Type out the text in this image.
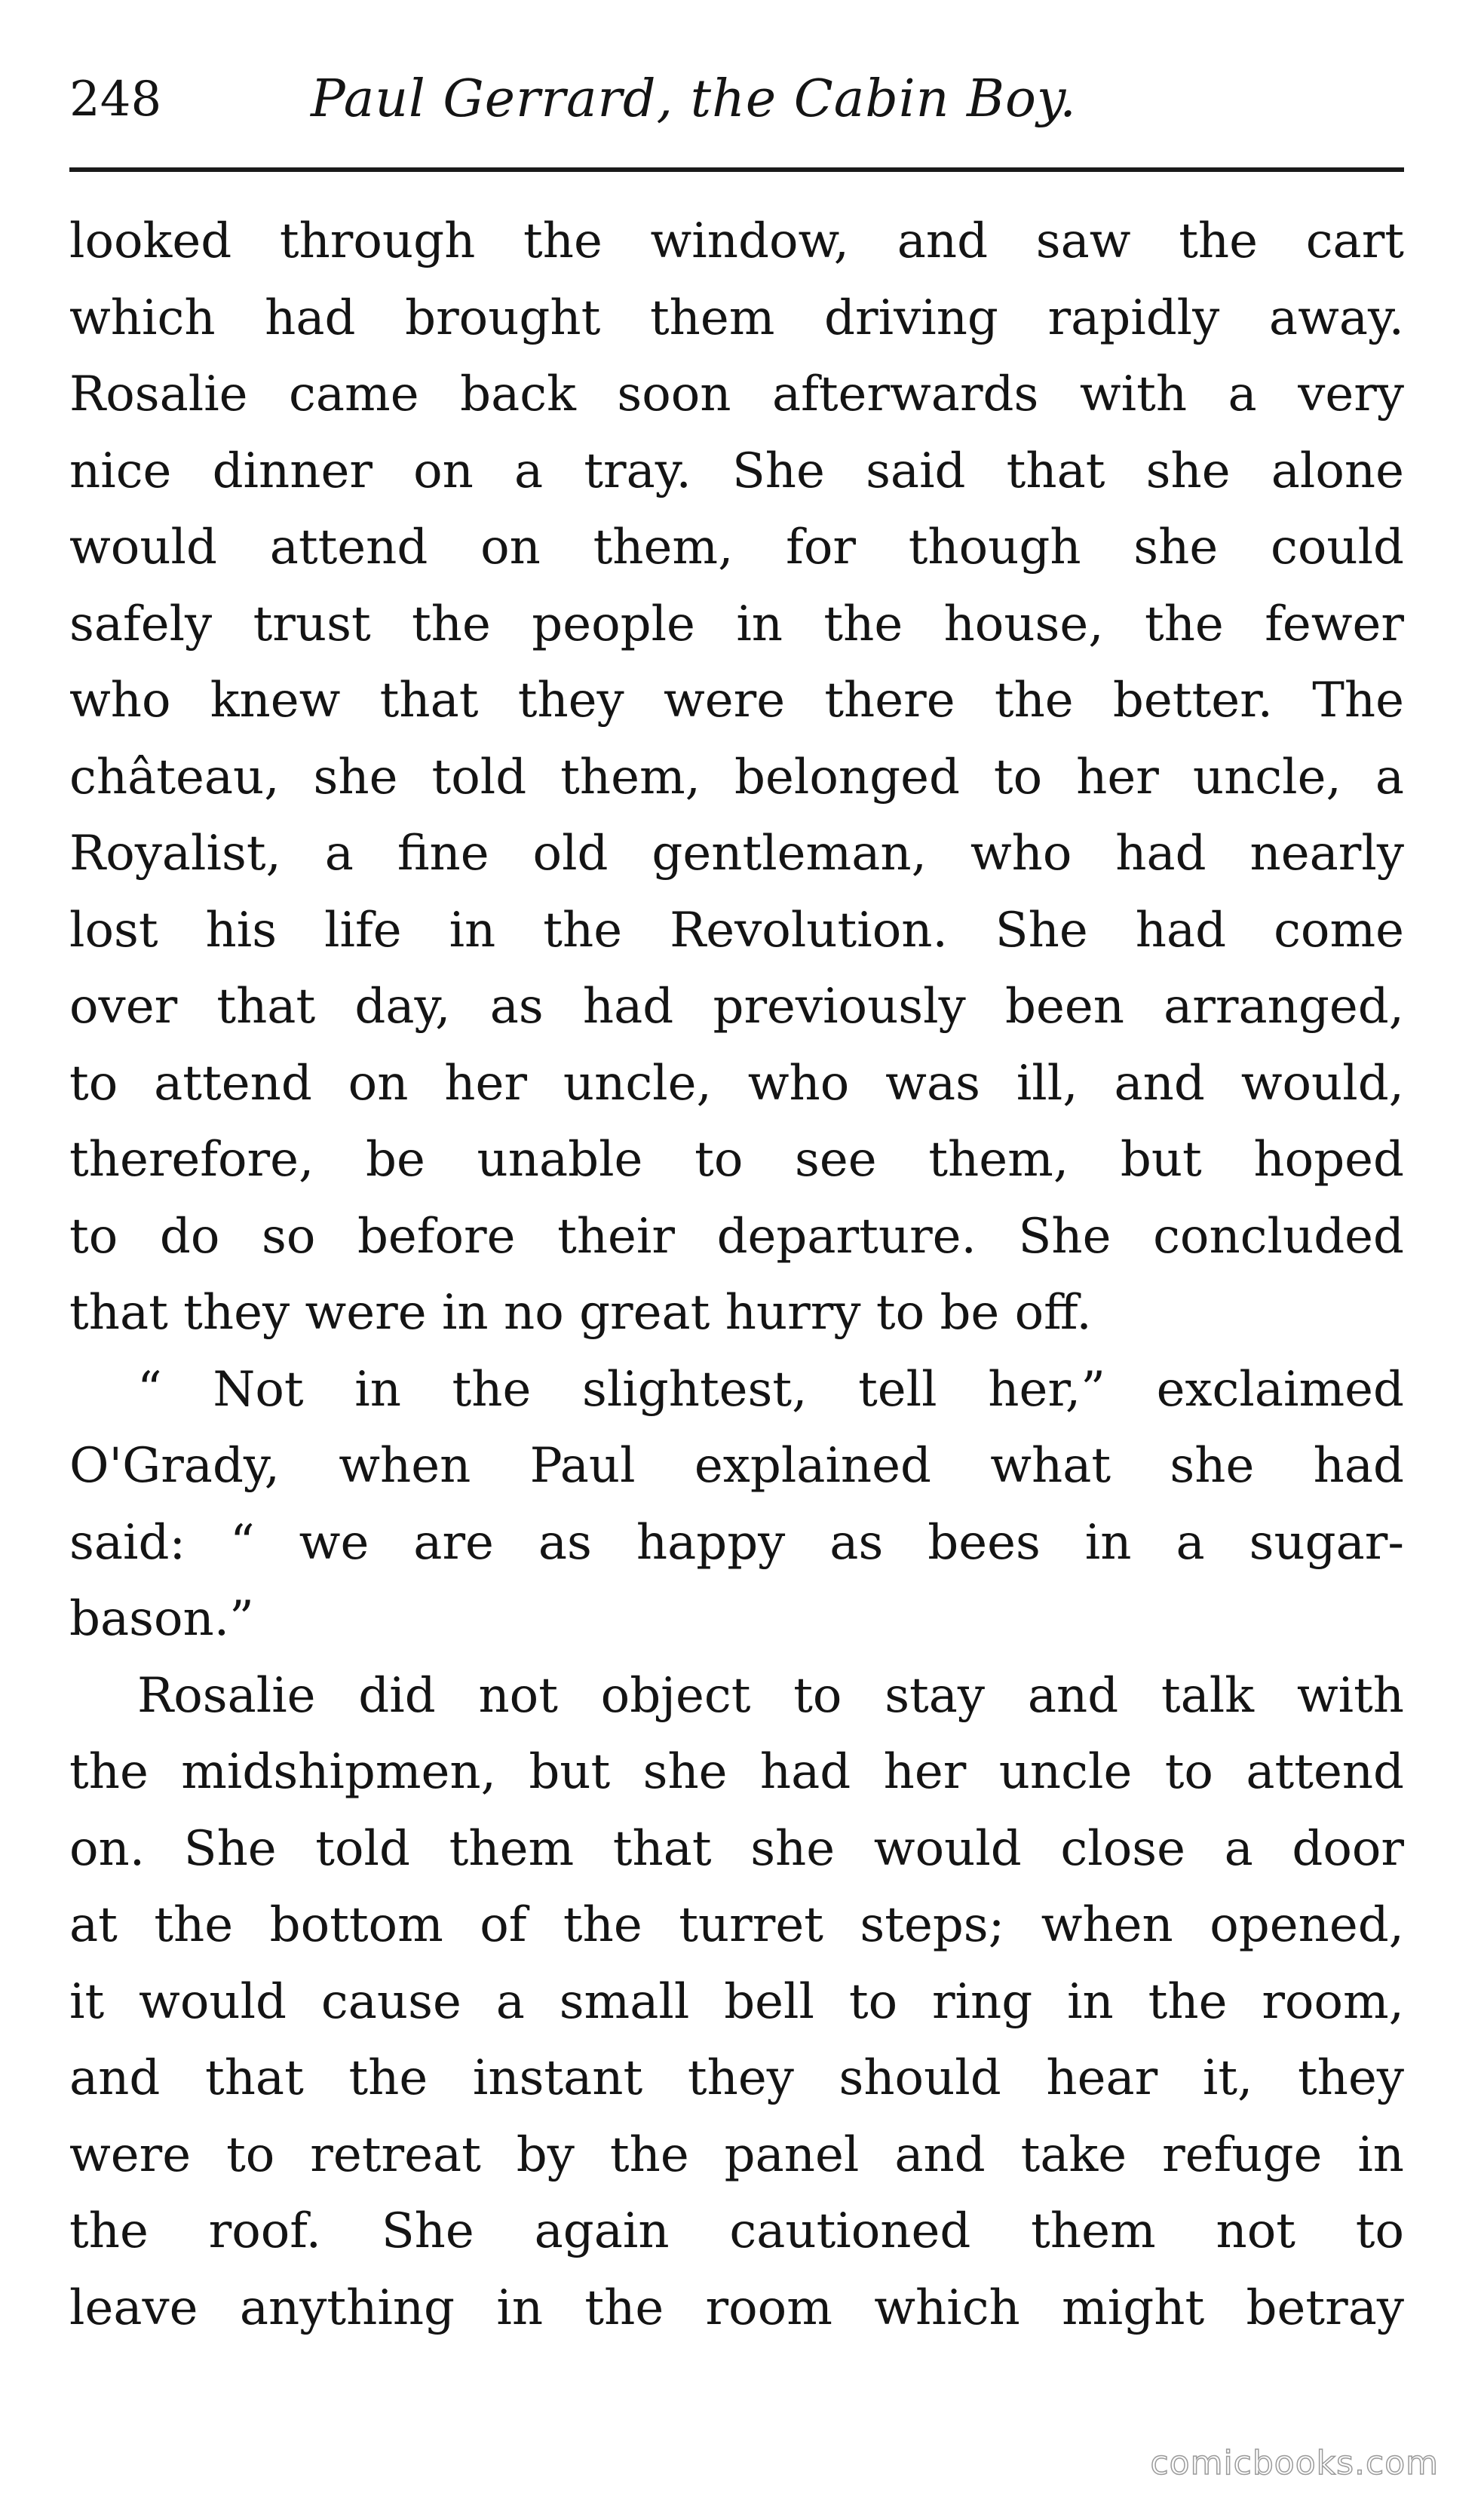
248	Paul Gerrard, the Cabin Boy.
looked through the window, and saw the cart
which had brought them driving rapidly away.
Rosalie came back soon afterwards with a very
nice dinner on a tray. She said that she alone
would attend on them, for though she could
safely trust the people in the house, the fewer
who knew that they were there the better. The
château, she told them, belonged to her uncle, a
Royalist, a fine old gentleman, who had nearly
lost his life in the Revolution. She had come
over that day, as had previously been arranged,
to attend on her uncle, who was ill, and would,
therefore, be unable to see them, but hoped
to do so before their departure. She concluded
that they were in no great hurry to be off.
“ Not in the slightest, tell her,” exclaimed
O'Grady, when Paul explained what she had
said: “ we are as happy as bees in a sugar-
bason.”
Rosalie did not object to stay and talk with
the midshipmen, but she had her uncle to attend
on. She told them that she would close a door
at the bottom of the turret steps; when opened,
it would cause a small bell to ring in the room,
and that the instant they should hear it, they
were to retreat by the panel and take refuge in
the roof. She again cautioned them not to
leave anything in the room which might betray
comicbooks.com
